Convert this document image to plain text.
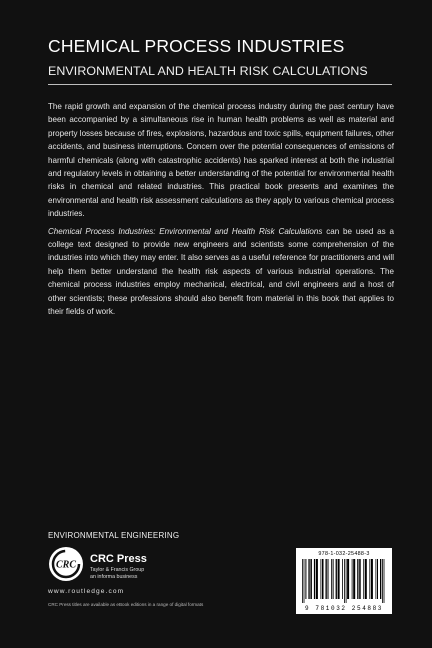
CHEMICAL PROCESS INDUSTRIES
ENVIRONMENTAL AND HEALTH RISK CALCULATIONS

The rapid growth and expansion of the chemical process industry during the past century have been accompanied by a simultaneous rise in human health problems as well as material and property losses because of fires, explosions, hazardous and toxic spills, equipment failures, other accidents, and business interruptions. Concern over the potential consequences of emissions of harmful chemicals (along with catastrophic accidents) has sparked interest at both the industrial and regulatory levels in obtaining a better understanding of the potential for environmental health risks in chemical and related industries. This practical book presents and examines the environmental and health risk assessment calculations as they apply to various chemical process industries.

Chemical Process Industries: Environmental and Health Risk Calculations can be used as a college text designed to provide new engineers and scientists some comprehension of the industries into which they may enter. It also serves as a useful reference for practitioners and will help them better understand the health risk aspects of various industrial operations. The chemical process industries employ mechanical, electrical, and civil engineers and a host of other scientists; these professions should also benefit from material in this book that applies to their fields of work.

ENVIRONMENTAL ENGINEERING
CRC CRC Press
Taylor & Francis Group
an informa business
www.routledge.com
CRC Press titles are available as eBook editions in a range of digital formats
978-1-032-25488-3
9 781032 254883
